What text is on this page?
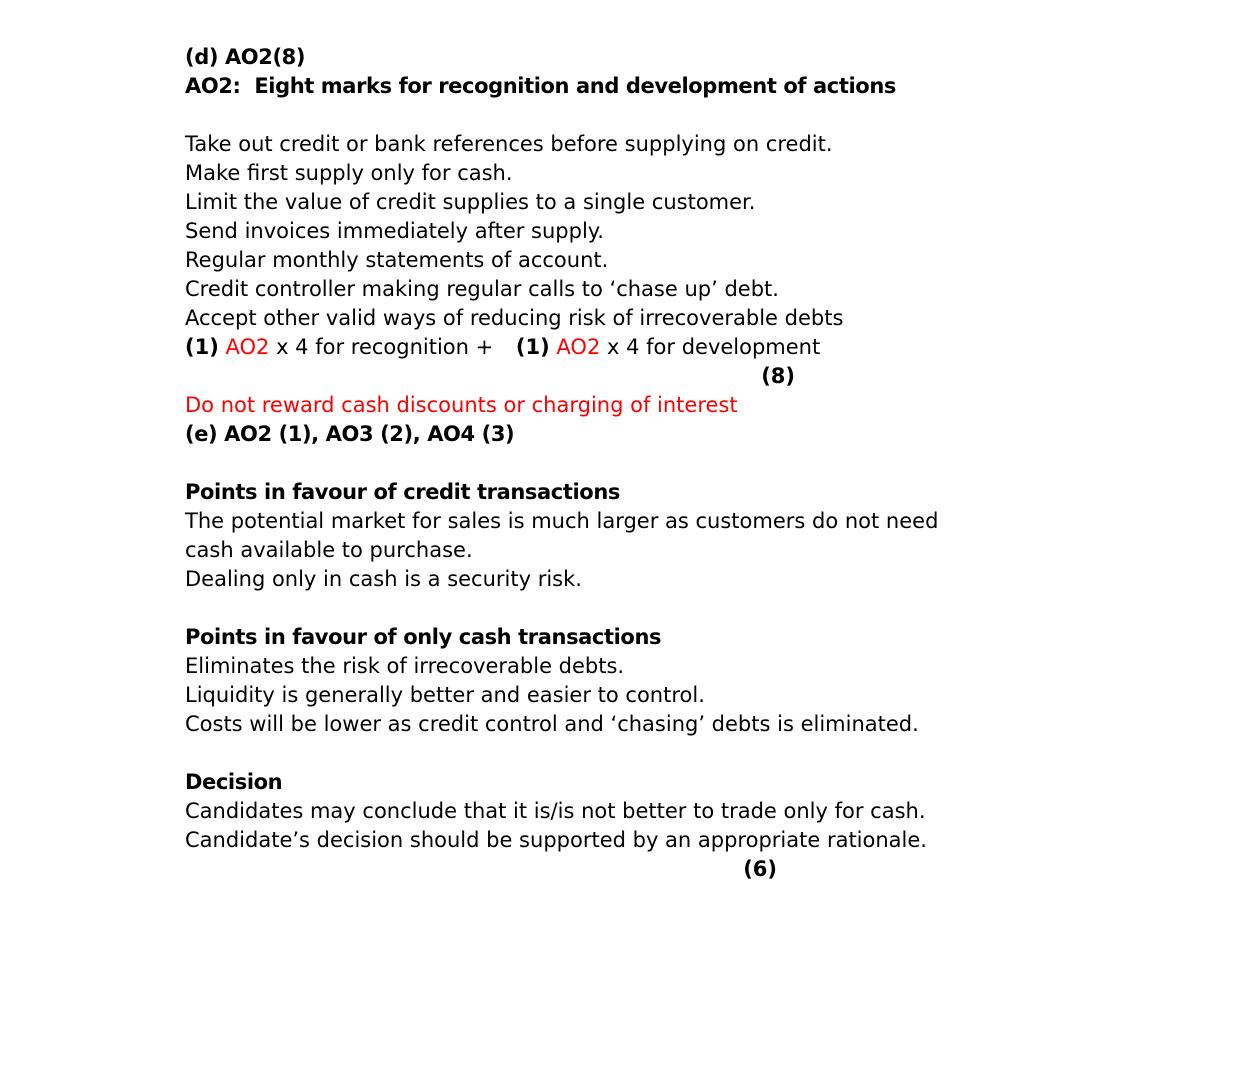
(d) AO2(8)

AO2:  Eight marks for recognition and development of actions

Take out credit or bank references before supplying on credit.

Make first supply only for cash.

Limit the value of credit supplies to a single customer.

Send invoices immediately after supply.

Regular monthly statements of account.

Credit controller making regular calls to ‘chase up’ debt.

Accept other valid ways of reducing risk of irrecoverable debts

(1) AO2 x 4 for recognition + (1) AO2 x 4 for development

(8)

Do not reward cash discounts or charging of interest

(e) AO2 (1), AO3 (2), AO4 (3)

Points in favour of credit transactions

The potential market for sales is much larger as customers do not need

cash available to purchase.

Dealing only in cash is a security risk.

Points in favour of only cash transactions

Eliminates the risk of irrecoverable debts.

Liquidity is generally better and easier to control.

Costs will be lower as credit control and ‘chasing’ debts is eliminated.

Decision

Candidates may conclude that it is/is not better to trade only for cash.

Candidate’s decision should be supported by an appropriate rationale.

(6)
